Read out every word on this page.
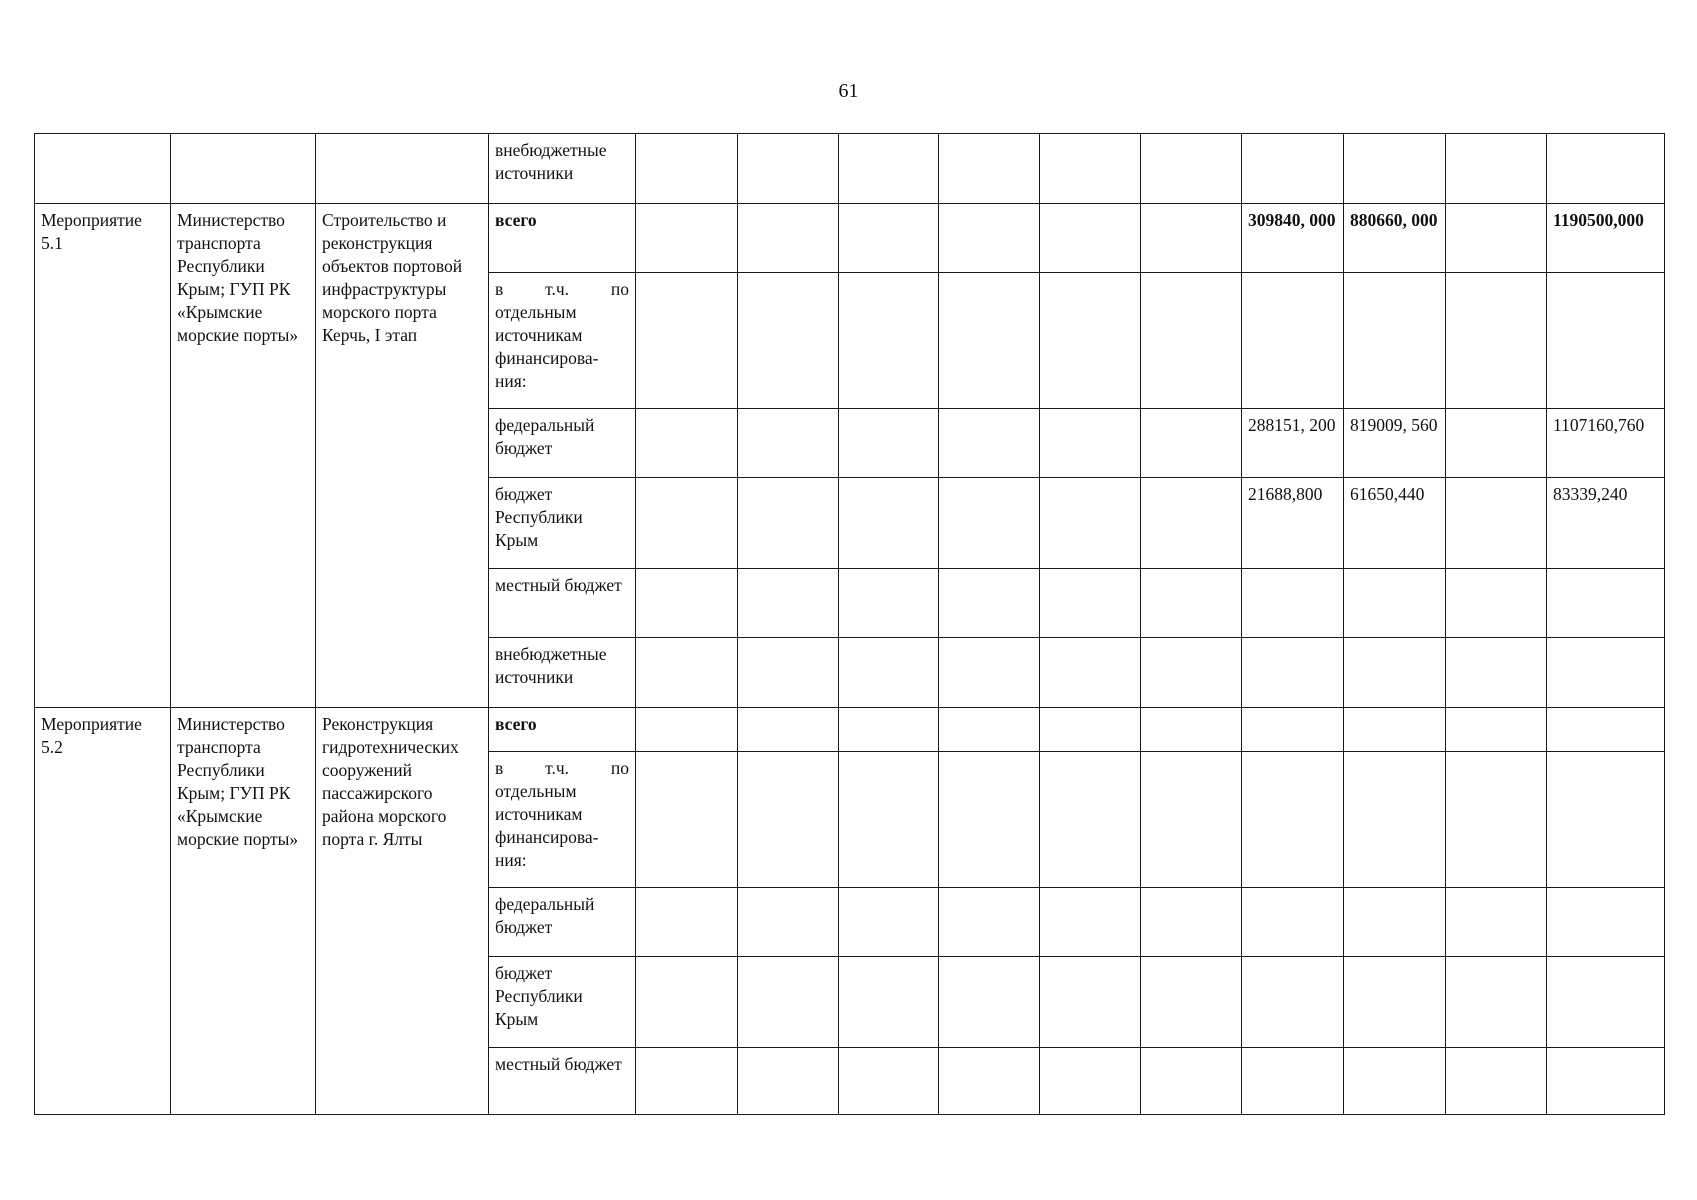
61
			внебюджетные источники										
Мероприятие 5.1	Министерство транспорта Республики Крым; ГУП РК «Крымские морские порты»	Строительство и реконструкция объектов портовой инфраструктуры морского порта Керчь, I этап	всего							309840, 000	880660, 000		1190500,000

			в т.ч. по
отдельным источникам финансирова-ния:										

			федеральный бюджет							288151, 200	819009, 560		1107160,760
			бюджет Республики Крым							21688,800	61650,440		83339,240
			местный бюджет										
			внебюджетные источники										
Мероприятие 5.2	Министерство транспорта Республики Крым; ГУП РК «Крымские морские порты»	Реконструкция гидротехнических сооружений пассажирского района морского порта г. Ялты	всего										

			в т.ч. по
отдельным источникам финансирова-ния:										

			федеральный бюджет										
			бюджет Республики Крым										
			местный бюджет										
